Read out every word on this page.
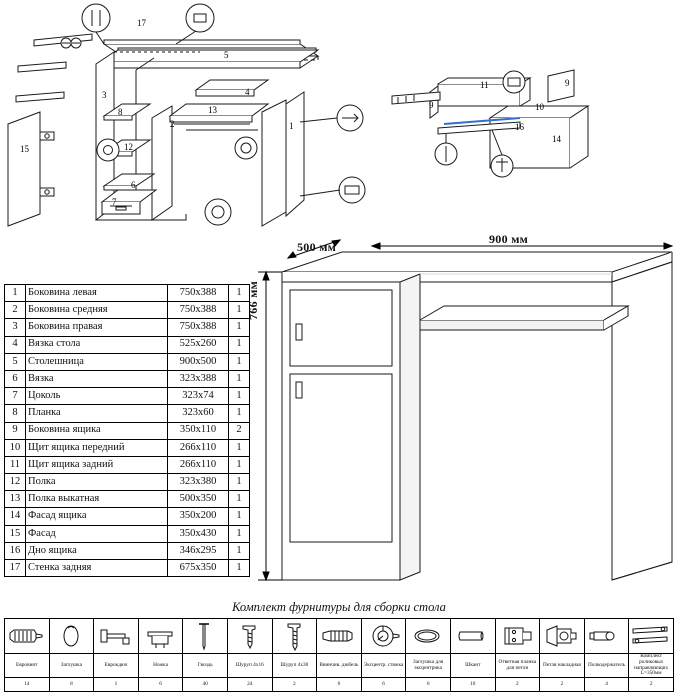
17
5
3
8	13
4
2
12
1
15
6
7
11
9
9
10
16
14
900 мм
500 мм
766 мм
1	Боковина левая	750х388	1
2	Боковина средняя	750х388	1
3	Боковина правая	750х388	1
4	Вязка стола	525х260	1
5	Столешница	900х500	1
6	Вязка	323х388	1
7	Цоколь	323х74	1
8	Планка	323х60	1
9	Боковина ящика	350х110	2
10	Щит ящика передний	266х110	1
11	Щит ящика задний	266х110	1
12	Полка	323х380	1
13	Полка выкатная	500х350	1
14	Фасад ящика	350х200	1
15	Фасад	350х430	1
16	Дно ящика	346х295	1
17	Стенка задняя	675х350	1
Комплект фурнитуры для сборки стола

Евровинт	Заглушка	Еврокдюч	Ножка	Гвоздь	Шуруп 4х16	Шуруп 4х30	Ввинчив. дюбель	Эксцентр. стяжка	Заглушка для эксцентрика	Шкант	Ответная планка для петли	Петля накладная	Полкодержатель	Комплект роликовых направляющих L=350мм
14	8	1	6	40	24	2	6	6	6	10	2	2	4	2
